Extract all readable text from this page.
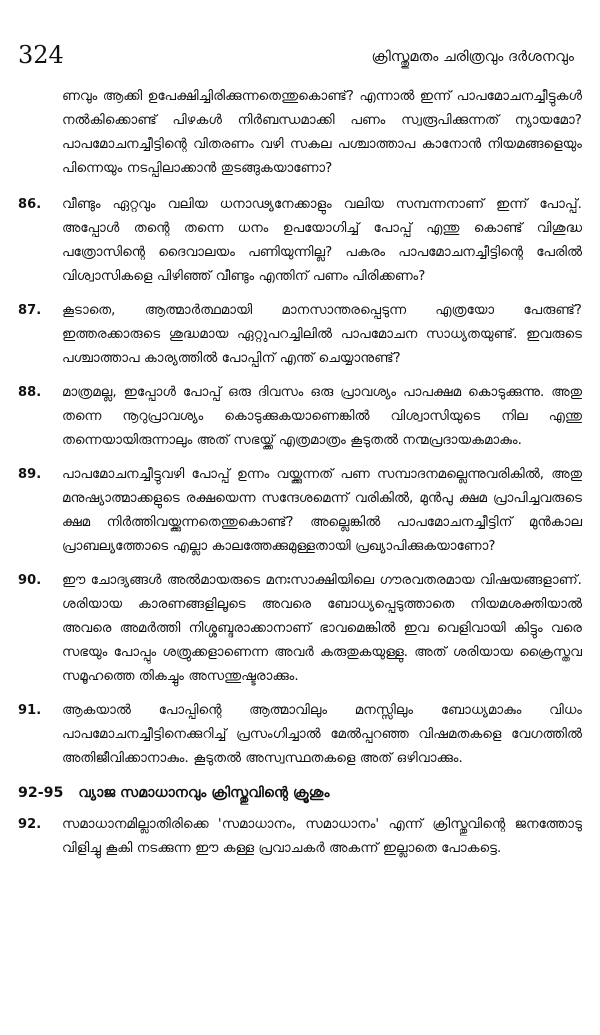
324	ക്രിസ്തുമതം ചരിത്രവും ദർശനവും

ണവും ആക്കി ഉപേക്ഷിച്ചിരിക്കുന്നതെന്തുകൊണ്ട്? എന്നാൽ ഇന്ന് പാപമോചനച്ചീട്ടുകൾ നൽകിക്കൊണ്ട് പിഴകൾ നിർബന്ധമാക്കി പണം സ്വരൂപിക്കുന്നത് ന്യായമോ? പാപമോചനച്ചീട്ടിന്റെ വിതരണം വഴി സകല പശ്ചാത്താപ കാനോൻ നിയമങ്ങളെയും പിന്നെയും നടപ്പിലാക്കാൻ തുടങ്ങുകയാണോ?

86. വീണ്ടും ഏറ്റവും വലിയ ധനാഢ്യനേക്കാളും വലിയ സമ്പന്നനാണ് ഇന്ന് പോപ്പ്. അപ്പോൾ തന്റെ തന്നെ ധനം ഉപയോഗിച്ച് പോപ്പ് എന്തു കൊണ്ട് വിശുദ്ധ പത്രോസിന്റെ ദൈവാലയം പണിയുന്നില്ല? പകരം പാപമോചനച്ചീട്ടിന്റെ പേരിൽ വിശ്വാസികളെ പിഴിഞ്ഞ് വീണ്ടും എന്തിന് പണം പിരിക്കണം?

87. കൂടാതെ, ആത്മാർത്ഥമായി മാനസാന്തരപ്പെടുന്ന എത്രയോ പേരുണ്ട്? ഇത്തരക്കാരുടെ ശുദ്ധമായ ഏറ്റുപറച്ചിലിൽ പാപമോചന സാധ്യതയുണ്ട്. ഇവരുടെ പശ്ചാത്താപ കാര്യത്തിൽ പോപ്പിന് എന്ത് ചെയ്യാനുണ്ട്?

88. മാത്രമല്ല, ഇപ്പോൾ പോപ്പ് ഒരു ദിവസം ഒരു പ്രാവശ്യം പാപക്ഷമ കൊടുക്കുന്നു. അതു തന്നെ നൂറുപ്രാവശ്യം കൊടുക്കുകയാണെങ്കിൽ വിശ്വാസിയുടെ നില എന്തു തന്നെയായിരുന്നാലും അത് സഭയ്ക്ക് എത്രമാത്രം കൂടുതൽ നന്മപ്രദായകമാകും.

89. പാപമോചനച്ചീട്ടുവഴി പോപ്പ് ഉന്നം വയ്ക്കുന്നത് പണ സമ്പാദനമല്ലെന്നുവരികിൽ, അതു മനുഷ്യാത്മാക്കളുടെ രക്ഷയെന്ന സന്ദേശമെന്ന് വരികിൽ, മുൻപു ക്ഷമ പ്രാപിച്ചവരുടെ ക്ഷമ നിർത്തിവയ്ക്കുന്നതെന്തുകൊണ്ട്? അല്ലെങ്കിൽ പാപമോചനച്ചീട്ടിന് മുൻകാല പ്രാബല്യത്തോടെ എല്ലാ കാലത്തേക്കുമുള്ളതായി പ്രഖ്യാപിക്കുകയാണോ?

90. ഈ ചോദ്യങ്ങൾ അൽമായരുടെ മനഃസാക്ഷിയിലെ ഗൗരവതരമായ വിഷയങ്ങളാണ്. ശരിയായ കാരണങ്ങളിലൂടെ അവരെ ബോധ്യപ്പെടുത്താതെ നിയമശക്തിയാൽ അവരെ അമർത്തി നിശ്ശബ്ദരാക്കാനാണ് ഭാവമെങ്കിൽ ഇവ വെളിവായി കിട്ടും വരെ സഭയും പോപ്പും ശത്രുക്കളാണെന്ന അവർ കരുതുകയുള്ളു. അത് ശരിയായ ക്രൈസ്തവ സമൂഹത്തെ തികച്ചും അസന്തുഷ്ടരാക്കും.

91. ആകയാൽ പോപ്പിന്റെ ആത്മാവിലും മനസ്സിലും ബോധ്യമാകും വിധം പാപമോചനച്ചീട്ടിനെക്കുറിച്ച് പ്രസംഗിച്ചാൽ മേൽപ്പറഞ്ഞ വിഷമതകളെ വേഗത്തിൽ അതിജീവിക്കാനാകും. കൂടുതൽ അസ്വസ്ഥതകളെ അത് ഒഴിവാക്കും.

92-95 വ്യാജ സമാധാനവും ക്രിസ്തുവിന്റെ ക്രൂശും

92. സമാധാനമില്ലാതിരിക്കെ 'സമാധാനം, സമാധാനം' എന്ന് ക്രിസ്തുവിന്റെ ജനത്തോടു വിളിച്ചു കൂകി നടക്കുന്ന ഈ കള്ള പ്രവാചകർ അകന്ന് ഇല്ലാതെ പോകട്ടെ.
